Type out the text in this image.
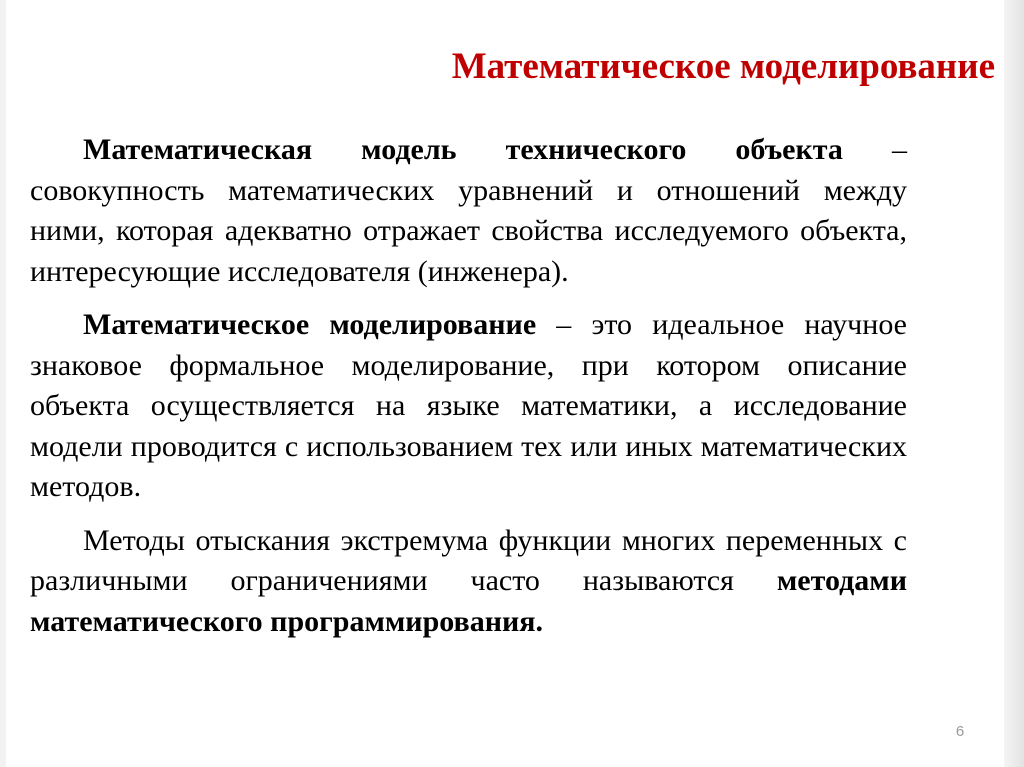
Математическое моделирование

Математическая модель технического объекта – совокупность математических уравнений и отношений между ними, которая адекватно отражает свойства исследуемого объекта, интересующие исследователя (инженера).

Математическое моделирование – это идеальное научное знаковое формальное моделирование, при котором описание объекта осуществляется на языке математики, а исследование модели проводится с использованием тех или иных математических методов.

Методы отыскания экстремума функции многих переменных с различными ограничениями часто называются методами математического программирования.

6
